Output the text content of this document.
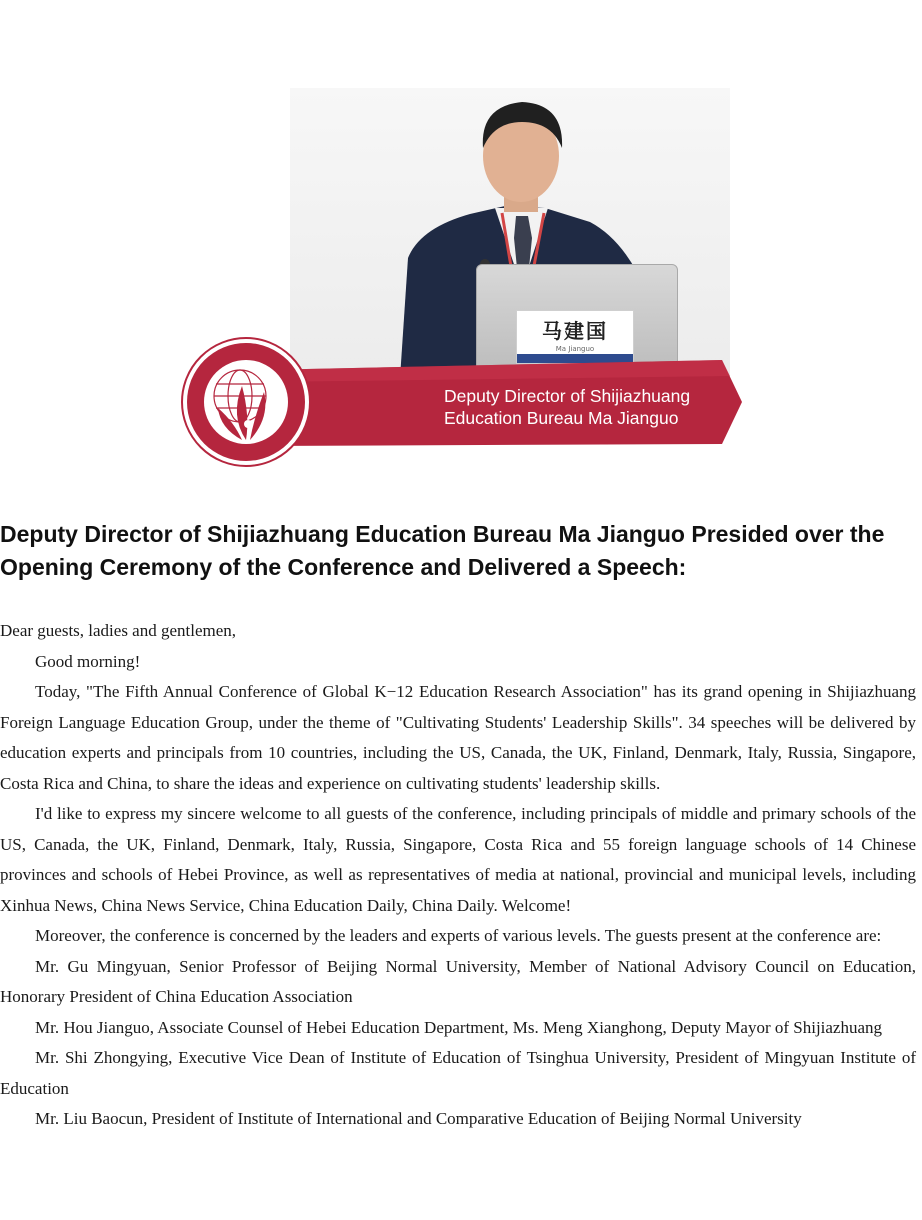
马建国
Ma Jianguo
Deputy Director of Shijiazhuang
Education Bureau Ma Jianguo
Deputy Director of Shijiazhuang Education Bureau Ma Jianguo Presided over the Opening Ceremony of the Conference and Delivered a Speech:

Dear guests, ladies and gentlemen,

Good morning!

Today, "The Fifth Annual Conference of Global K−12 Education Research Association" has its grand opening in Shijiazhuang Foreign Language Education Group, under the theme of "Cultivating Students' Leadership Skills". 34 speeches will be delivered by education experts and principals from 10 countries, including the US, Canada, the UK, Finland, Denmark, Italy, Russia, Singapore, Costa Rica and China, to share the ideas and experience on cultivating students' leadership skills.

I'd like to express my sincere welcome to all guests of the conference, including principals of middle and primary schools of the US, Canada, the UK, Finland, Denmark, Italy, Russia, Singapore, Costa Rica and 55 foreign language schools of 14 Chinese provinces and schools of Hebei Province, as well as representatives of media at national, provincial and municipal levels, including Xinhua News, China News Service, China Education Daily, China Daily. Welcome!

Moreover, the conference is concerned by the leaders and experts of various levels. The guests present at the conference are:

Mr. Gu Mingyuan, Senior Professor of Beijing Normal University, Member of National Advisory Council on Education, Honorary President of China Education Association

Mr. Hou Jianguo, Associate Counsel of Hebei Education Department, Ms. Meng Xianghong, Deputy Mayor of Shijiazhuang

Mr. Shi Zhongying, Executive Vice Dean of Institute of Education of Tsinghua University, President of Mingyuan Institute of Education

Mr. Liu Baocun, President of Institute of International and Comparative Education of Beijing Normal University
